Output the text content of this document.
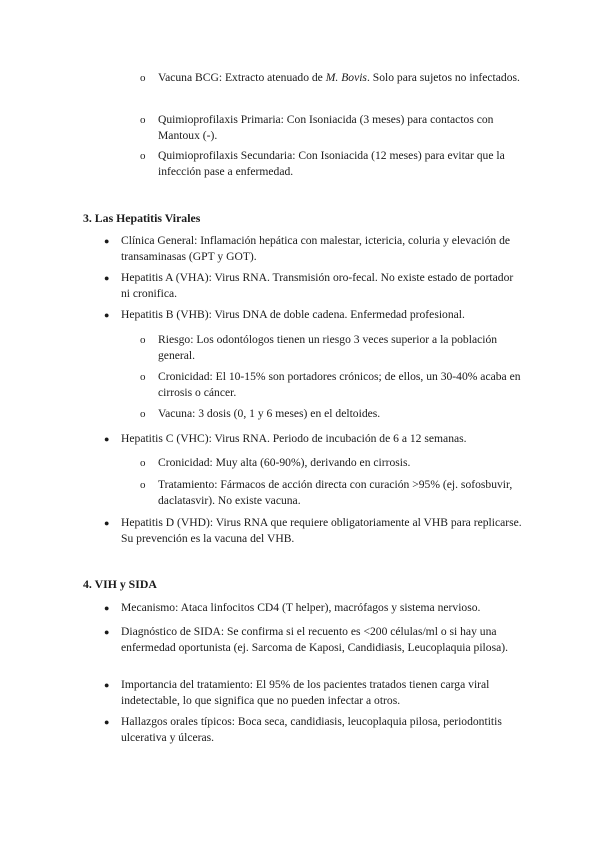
o Vacuna BCG: Extracto atenuado de M. Bovis. Solo para sujetos no infectados.
o Quimioprofilaxis Primaria: Con Isoniacida (3 meses) para contactos con Mantoux (-).
o Quimioprofilaxis Secundaria: Con Isoniacida (12 meses) para evitar que la infección pase a enfermedad.
3. Las Hepatitis Virales
● Clínica General: Inflamación hepática con malestar, ictericia, coluria y elevación de transaminasas (GPT y GOT).
● Hepatitis A (VHA): Virus RNA. Transmisión oro-fecal. No existe estado de portador ni cronifica.
● Hepatitis B (VHB): Virus DNA de doble cadena. Enfermedad profesional.
o Riesgo: Los odontólogos tienen un riesgo 3 veces superior a la población general.
o Cronicidad: El 10-15% son portadores crónicos; de ellos, un 30-40% acaba en cirrosis o cáncer.
o Vacuna: 3 dosis (0, 1 y 6 meses) en el deltoides.
● Hepatitis C (VHC): Virus RNA. Periodo de incubación de 6 a 12 semanas.
o Cronicidad: Muy alta (60-90%), derivando en cirrosis.
o Tratamiento: Fármacos de acción directa con curación >95% (ej. sofosbuvir, daclatasvir). No existe vacuna.
● Hepatitis D (VHD): Virus RNA que requiere obligatoriamente al VHB para replicarse. Su prevención es la vacuna del VHB.
4. VIH y SIDA
● Mecanismo: Ataca linfocitos CD4 (T helper), macrófagos y sistema nervioso.
● Diagnóstico de SIDA: Se confirma si el recuento es <200 células/ml o si hay una enfermedad oportunista (ej. Sarcoma de Kaposi, Candidiasis, Leucoplaquia pilosa).
● Importancia del tratamiento: El 95% de los pacientes tratados tienen carga viral indetectable, lo que significa que no pueden infectar a otros.
● Hallazgos orales típicos: Boca seca, candidiasis, leucoplaquia pilosa, periodontitis ulcerativa y úlceras.
